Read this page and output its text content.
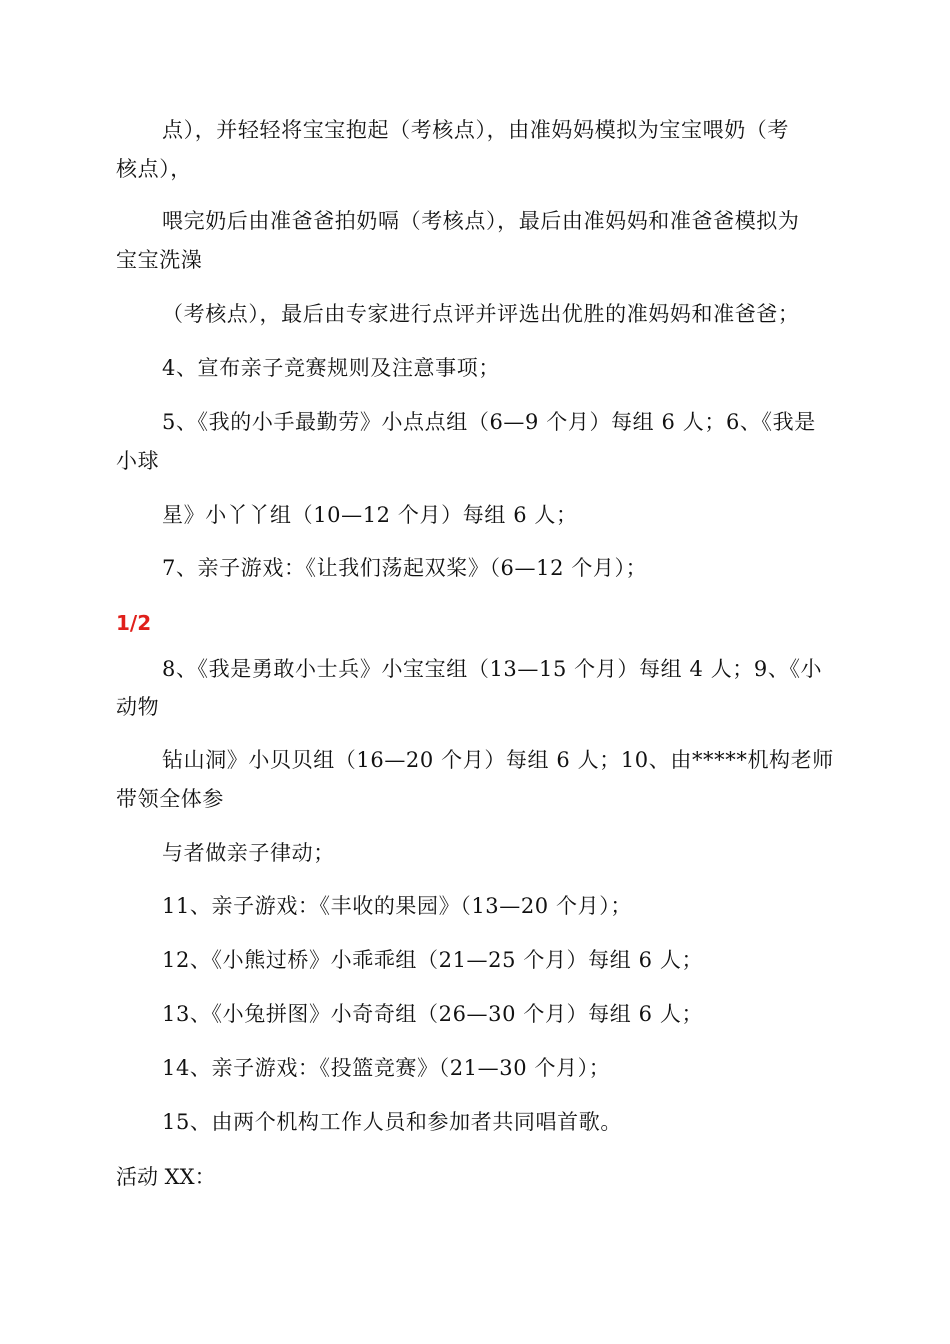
点），并轻轻将宝宝抱起（考核点），由准妈妈模拟为宝宝喂奶（考
核点），
喂完奶后由准爸爸拍奶嗝（考核点），最后由准妈妈和准爸爸模拟为
宝宝洗澡
（考核点），最后由专家进行点评并评选出优胜的准妈妈和准爸爸；
4、宣布亲子竞赛规则及注意事项；
5、《我的小手最勤劳》小点点组（6—9 个月）每组 6 人；6、《我是
小球
星》小丫丫组（10—12 个月）每组 6 人；
7、亲子游戏：《让我们荡起双桨》（6—12 个月）；
1/2
8、《我是勇敢小士兵》小宝宝组（13—15 个月）每组 4 人；9、《小
动物
钻山洞》小贝贝组（16—20 个月）每组 6 人；10、由*****机构老师
带领全体参
与者做亲子律动；
11、亲子游戏：《丰收的果园》（13—20 个月）；
12、《小熊过桥》小乖乖组（21—25 个月）每组 6 人；
13、《小兔拼图》小奇奇组（26—30 个月）每组 6 人；
14、亲子游戏：《投篮竞赛》（21—30 个月）；
15、由两个机构工作人员和参加者共同唱首歌。
活动 XX：
